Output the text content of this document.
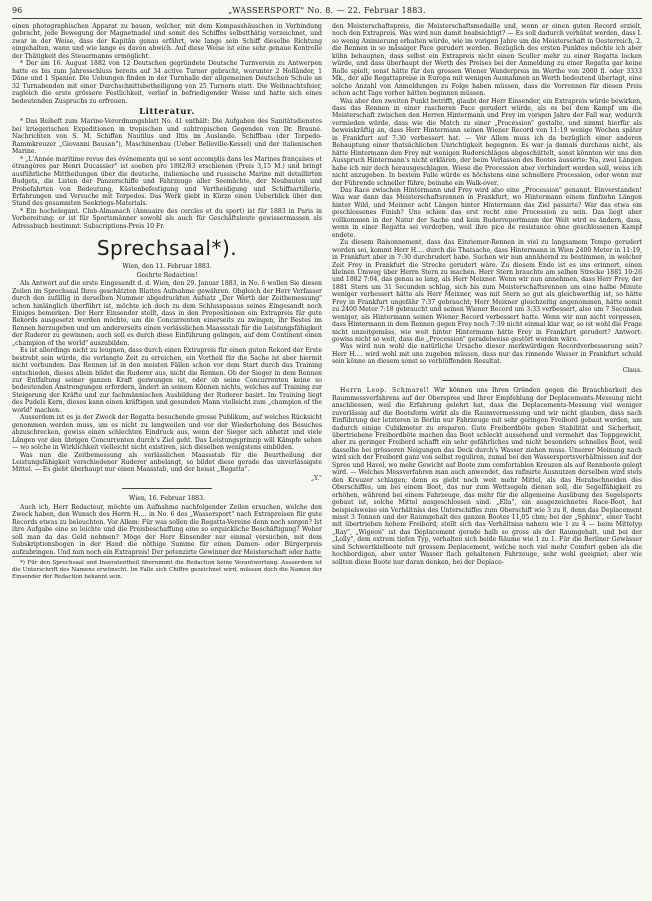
96	„WASSERSPORT" No. 8. — 22. Februar 1883.

einen photographischen Apparat zu bauen, welcher, mit dem Kompasshäuschen in Verbindung gebracht, jede Bewegung der Magnetnadel und somit des Schiffes selbstthätig verzeichnet, und zwar in der Weise, dass der Kapitän genau erfährt, wie lange sein Schiff dieselbe Richtung eingehalten, wann und wie lange es davon abwich. Auf diese Weise ist eine sehr genaue Kontrolle der Thätigkeit des Steuermanns ermöglicht.

* Der am 16. August 1882 von 12 Deutschen gegründete Deutsche Turnverein zu Antwerpen hatte es bis zum Jahresschluss bereits auf 34 active Turner gebracht, worunter 2 Holländer, 1 Däne und 1 Spanier. Die Uebungen finden in der Turnhalle der allgemeinen Deutschen Schule an 32 Turnabenden mit einer Durchschnittsbetheiligung von 25 Turnern statt. Die Weihnachtsfeier, zugleich die erste grössere Festlichkeit, verlief in befriedigender Weise und hatte sich eines bedeutenden Zuspruchs zu erfreuen.

Litteratur.

* Das Beiheft zum Marine-Verordnungsblatt No. 41 enthält: Die Aufgaben des Sanitätsdienstes bei kriegerischen Expeditionen in tropischen und subtropischen Gegenden von Dr. Brauné. Nachrichten von S. M. Schiffen Nautilus und Iltis im Auslande. Schiffbau (der Torpedo-Rammkreuzer „Giovanni Bausan"), Maschinenbau (Ueber Belleville-Kessel) und der italienischen Marine.

* „L'Année maritime revue des événements qui se sont accomplis dans les Marines françaises et étrangères par Henri Ducassier" ist soeben pro 1882/83 erschienen (Preis 3,15 M.) und bringt ausführliche Mittheilungen über die deutsche, italienische und russische Marine mit detaillirten Budgets, die Listen der Panzerschiffe und Fahrzeuge aller Seemächte, der Neubauten und Probefahrten von Bedeutung, Küstenbefestigung und Vertheidigung und Schiffsartillerie, Erfahrungen und Versuche mit Torpedos. Das Werk giebt in Kürze einen Ueberblick über den Stand des gesammten Seekriegs-Materials.

* Ein hochelegant. Club-Almanach (Annuaire des cercles et du sport) ist für 1883 in Paris in Vorbereitung; er ist für Sportsmänner sowohl als auch für Geschäftsleute gewissermassen als Adressbuch bestimmt. Subscriptions-Preis 10 Fr.

Sprechsaal*).
Wien, den 11. Februar 1883.
Geehrte Redaction!

Als Antwort auf die erste Eingesandt d. d. Wien, den 29. Januar 1883, in No. 6 wollen Sie diesen Zeilen im Sprechsaal Ihres geschätzten Blattes Aufnahme gewähren. Obgleich der Herr Verfasser durch den zufällig in derselben Nummer abgedruckten Aufsatz „Der Werth der Zeitbemessung" schon hinlänglich überführt ist, möchte ich doch zu dem Schlusspassus seines Eingesandt noch Einiges bemerken. Der Herr Einsender stellt, dass in den Propositionen ein Extrapreis für gute Rekords ausgesetzt werden möchte, um die Concurrenten einerseits zu zwingen, ihr Bestes im Rennen herzugeben und um andererseits einen verlässlichen Maassstab für die Leistungsfähigkeit der Ruderer zu gewinnen; auch soll es durch diese Einführung gelingen, auf dem Continent einen „champion of the world" auszubilden.

Es ist allerdings nicht zu leugnen, dass durch einen Extrapreis für einen guten Rekord der Erste bestrebt sein würde, die verlangte Zeit zu erreichen, ein Vortheil für die Sache ist aber hiermit nicht verbunden. Das Rennen ist in den meisten Fällen schon vor dem Start durch das Training entschieden, dieses allein bildet die Ruderer aus, nicht die Rennen. Ob der Sieger in dem Rennen zur Entfaltung seiner ganzen Kraft gezwungen ist, oder ob seine Concurrenten keine so bedeutenden Anstrengungen erfordern, ändert an seinem Können nichts, welches auf Training zur Steigerung der Kräfte und zur fachmännischen Ausbildung der Ruderer basirt. Im Training liegt des Pudels Kern, dieses kann einen kräftigen und gesunden Mann vielleicht zum „champion of the world" machen.

Ausserdem ist es ja der Zweck der Regatta besuchende grosse Publikum, auf welches Rücksicht genommen werden muss, um es nicht zu langweilen und vor der Wiederholung des Besuches abzuschrecken, gewiss einen schlechten Eindruck aus, wenn der Sieger sich abhetzt und viele Längen vor den übrigen Concurrenten durch's Ziel geht. Das Leistungsprinzip will Kämpfe sehen — wo solche in Wirklichkeit vielleicht nicht existiren, sich dieselben wenigstens einbilden.

Was nun die Zeitbemessung als verlässlichen Maassstab für die Beurtheilung der Leistungsfähigkeit verschiedener Ruderer anbelangt, so bildet diese gerade das unverlässigste Mittel. — Es giebt überhaupt nur einen Maasstab, und der heisst „Regatta".

„Y."
Wien, 16. Februar 1883.

Auch ich, Herr Redacteur, möchte um Aufnahme nachfolgender Zeilen ersuchen, welche den Zweck haben, den Wunsch des Herrn H…. in No. 6 des „Wassersport" nach Extrapreisen für gute Records etwas zu beleuchten. Vor Allem: Für was sollen die Regatta-Vereine denn noch sorgen? Ist ihre Aufgabe eine so leichte und die Preisbeschaffung eine so erquickliche Beschäftigung? Woher soll man da das Geld nehmen? Möge der Herr Einsender nur einmal versuchen, mit dem Subskriptionsbogen in der Hand die nöthige Summe für einen Damen- oder Bürgerpreis aufzubringen. Und nun noch ein Extrapreis! Der potenzirte Gewinner der Meisterschaft oder hatte

*) Für den Sprechsaal und Inseratentheil übernimmt die Redaction keine Verantwortung. Ausserdem ist die Unterschrift des Namens erwünscht. Im Falle sich Chiffre gezeichnet wird, müssen doch die Namen der Einsender der Redaction bekannt sein.

den Meisterschaftspreis, die Meisterschaftsmedaille und, wenn er einen guten Record erzielt, noch den Extrapreis. Was wird nun damit beabsichtigt? — Es soll dadurch verhütet werden, dass I. so wenig Animierung erhalten würde, wie im vorigen Jahre um die Meisterschaft in Oesterreich, 2. die Rennen in so mässiger Pace gerudert werden. Bezüglich des ersten Punktes möchte ich aber kühn behaupten, dass selbst ein Extrapreis nicht einen Sculler mehr zu einer Regatta locken würde, und dass überhaupt der Werth des Preises bei der Anmeldung zu einer Regatta gar keine Rolle spielt, sonst hätte für den grossen Wiener Wanderpreis im Werthe von 2000 fl. oder 3333 Mk., der alle Regattapreise in Europa mit wenigen Ausnahmen an Werth bedeutend übertagt, eine solche Anzahl von Anmeldungen zu Folge haben müssen, dass die Vorrennen für diesen Preis schon acht Tage vorher hätten beginnen müssen.

Was aber den zweiten Punkt betrifft, glaubt der Herr Einsender, ein Extrapreis würde bewirken, dass das Rennen in einer rascheren Pace gerudert würde, als es bei dem Kampf um die Meisterschaft zwischen den Herren Hintermann und Frey im vorigen Jahre der Fall war, wodurch vermieden würde, dass wie die Match zu einer „Procession" gestalte, und nimmt hierfür als beweiskräftig an, dass Herr Hintermann seinen Wiener Record von 11:19 wenige Wochen später in Frankfurt auf 7:30 verbessert hat. — Vor Allem muss ich da bezüglich einer anderen Behauptung einer thatsächlichen Unrichtigkeit begegnen. Es war ja damals durchaus nicht, als hätte Hintermann den Frey mit wenigen Ruderschlägen abgeschüttelt, sonst könnten wir uns den Ausspruch Hintermann's nicht erklären, der beim Verlassen des Bootes äusserte: Na, zwei Längen habe ich mir doch herausgeschlagen. Wiese die Procession aber verhindert werden soll, weiss ich nicht anzugeben. In bestem Falle würde es höchstens eine schnellere Procession, oder wenn nur der Führende schneller führe, beinahe ein Walk-over.

Das Race zwischen Hintermann und Frey wird also eine „Procession" genannt. Einverstanden! Was war dann das Meisterschaftsrennen in Frankfurt, wo Hintermann einem fünfzehn Längen hinter Wild, und Meixner acht Längen hinter Hintermann das Ziel passirte? War das etwa ein geschlossenes Finish? Uns schien das erst recht eine Procession zu sein. Das liegt aber vollkommen in der Natur der Sache und kein Ruderreportmann der Welt wird es ändern, dass, wenn in einer Regatta sei verdorben, weil ihre pice de resistance ohne geschlossenen Kampf endete.

Zu diesem Raisonnement, dass das Einriemer-Rennen in viel zu langsamem Tempo gerudert worden sei, kommt Herr H…. durch die Thatsache, dass Hintermann in Wien 2400 Meter in 11:19, in Frankfurt aber in 7:30 durchrudert habe. Suchen wir nun annähernd zu bestimmen, in welcher Zeit Frey in Frankfurt die Strecke gerudert wäre. Zu diesem Ende ist es uns erinnert, einen kleinen Umweg über Herrn Stern zu machen. Herr Stern brauchte am selben Strecke 1881 10:26 und 1882 7:04, das genau so lang, als Herr Meixner. Wenn wir nun annehmen, dass Herr Frey, der 1881 Stern um 31 Secunden schlug, sich bis zum Meisterschaftsrennen um eine halbe Minute weniger verbessert hätte als Herr Meixner, was mit Stern so gut als gleichwerthig ist, so hätte Frey in Frankfurt ungefähr 7:37 gebraucht; Herr Meixner gleichzeitig angenommen, hätte somit zu 2400 Meter 7:18 gebraucht und seinen Wiener Record um 3:33 verbessert, also um 7 Secunden weniger, als Hintermann seinen Wiener Record verbessert hatte. Wenn wir nun nicht vergessen, dass Hintermann in dem Rennen gegen Frey noch 7:39 nicht einmal klar war, so ist wohl die Frage nicht unzeitgemäss, wie weit hinter Hintermann hätte Frey in Frankfurt gerudert? Antwort: gewiss nicht so weit, dass die „Procession" geradelweise gestört worden wäre.

Was wird nun wohl die natürliche Ursache dieser merkwürdigen Recordverbesserung sein? Herr H…. wird wohl mit uns zugeben müssen, dass nur das rinnende Wasser in Frankfurt schuld sein könne an diesem sonst so verblüffenden Resultat.

Claus.

Herrn Leop. Schmarel! Wir können uns Ihren Gründen gegen die Brauchbarkeit des Raummessverfahrens auf der Oberspree und Ihrer Empfehlung der Deplacements-Messung nicht anschliessen, weil die Erfahrung gelehrt hat, dass die Deplacements-Messung viel weniger zuverlässig auf die Bootsform wirkt als die Raumvermessung und wir nicht glauben, dass nach Einführung der letzteren in Berlin nur Fahrzeuge mit sehr geringen Freibord gebaut werden, um dadurch einige Cubikmeter zu ersparen. Gute Freibordböte geben Stabilität und Sicherheit, übertriebene Freibordböte machen das Boot schleckt aussehend und vermehrt das Toppgewicht, aber zu geringer Freibord schafft ein sehr gefährliches und nicht besonders schnelles Boot, weil dasselbe bei grösseren Neigungen das Deck durch's Wasser ziehen muss. Unserer Meinung nach wird sich der Freibord ganz von selbst reguliren, zumal bei den Wassersportsverhältnissen auf der Spree und Havel, wo mehr Gewicht auf Boote zum comfortablen Kreuzen als auf Rennboote gelegt wird. — Welches Messverfahren man auch anwendet, das rafinirte Ausnutzen derselben wird stets den Kreuzer schlagen; denn es giebt noch weit mehr Mittel, als das Herabschneiden des Oberschiffes, um bei einem Boot, das nur zum Wettsegeln dienen soll, die Segelfähigkeit zu erhöhen, während bei einem Fahrzeuge, das mehr für die allgemeine Ausübung des Segelsports gebaut ist, solche Mittel ausgeschlossen sind. „Ella", ein ausgezeichnetes Race-Boot, hat beispielsweise ein Verhältniss des Unterschiffes zum Oberschiff wie 3 zu 8, denn das Deplacement misst 3 Tonnen und der Raumgehalt des ganzen Bootes 11,05 cbm; bei der „Sphinx", einer Yacht mit übertrieben hohem Freibord, stellt sich das Verhältniss nahezu wie 1 zu 4 — beim Mittelyp „Ray", „Wigeon" ist das Deplacement gerade halb so gross als der Raumgehalt, und bei der „Lolly", dem extrem tiefen Typ, verhalten sich beide Räume wie 1 zu 1. Für die Berliner Gewässer sind Schwertkielboote mit grossem Deplacement, welche noch viel mehr Comfort geben als die hochbordigen, aber unter Wasser flach gehaltenen Fahrzeuge, sehr wohl geeignet; aber wie sollten diese Boote nur daran denken, bei der Deplace-
